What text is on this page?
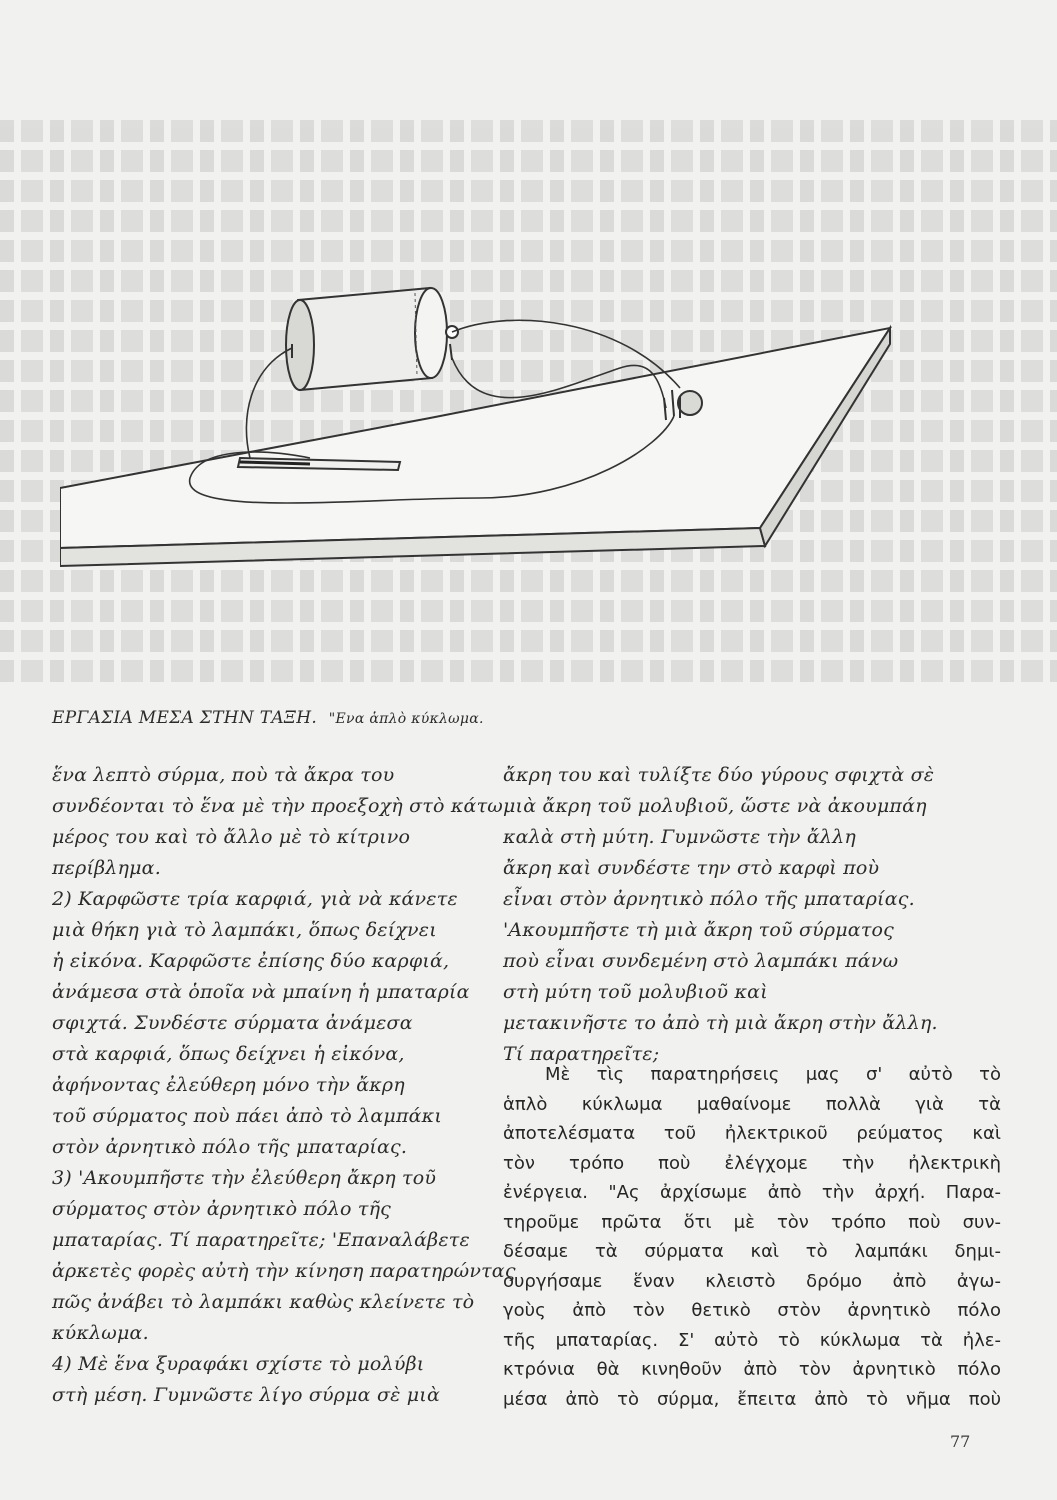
ΕΡΓΑΣΙΑ ΜΕΣΑ ΣΤΗΝ ΤΑΞΗ. "Ενα ἁπλὸ κύκλωμα.
ἕνα λεπτὸ σύρμα, ποὺ τὰ ἄκρα του
συνδέονται τὸ ἕνα μὲ τὴν προεξοχὴ στὸ κάτω
μέρος του καὶ τὸ ἄλλο μὲ τὸ κίτρινο
περίβλημα.
2) Καρφῶστε τρία καρφιά, γιὰ νὰ κάνετε
μιὰ θήκη γιὰ τὸ λαμπάκι, ὅπως δείχνει
ἡ εἰκόνα. Καρφῶστε ἐπίσης δύο καρφιά,
ἀνάμεσα στὰ ὁποῖα νὰ μπαίνη ἡ μπαταρία
σφιχτά. Συνδέστε σύρματα ἀνάμεσα
στὰ καρφιά, ὅπως δείχνει ἡ εἰκόνα,
ἀφήνοντας ἐλεύθερη μόνο τὴν ἄκρη
τοῦ σύρματος ποὺ πάει ἀπὸ τὸ λαμπάκι
στὸν ἀρνητικὸ πόλο τῆς μπαταρίας.
3) 'Ακουμπῆστε τὴν ἐλεύθερη ἄκρη τοῦ
σύρματος στὸν ἀρνητικὸ πόλο τῆς
μπαταρίας. Τί παρατηρεῖτε; 'Επαναλάβετε
ἀρκετὲς φορὲς αὐτὴ τὴν κίνηση παρατηρώντας
πῶς ἀνάβει τὸ λαμπάκι καθὼς κλείνετε τὸ
κύκλωμα.
4) Μὲ ἕνα ξυραφάκι σχίστε τὸ μολύβι
στὴ μέση. Γυμνῶστε λίγο σύρμα σὲ μιὰ
ἄκρη του καὶ τυλίξτε δύο γύρους σφιχτὰ σὲ
μιὰ ἄκρη τοῦ μολυβιοῦ, ὥστε νὰ ἀκουμπάη
καλὰ στὴ μύτη. Γυμνῶστε τὴν ἄλλη
ἄκρη καὶ συνδέστε την στὸ καρφὶ ποὺ
εἶναι στὸν ἀρνητικὸ πόλο τῆς μπαταρίας.
'Ακουμπῆστε τὴ μιὰ ἄκρη τοῦ σύρματος
ποὺ εἶναι συνδεμένη στὸ λαμπάκι πάνω
στὴ μύτη τοῦ μολυβιοῦ καὶ
μετακινῆστε το ἀπὸ τὴ μιὰ ἄκρη στὴν ἄλλη.
Τί παρατηρεῖτε;
Μὲ τὶς παρατηρήσεις μας σ' αὐτὸ τὸ
ἁπλὸ κύκλωμα μαθαίνομε πολλὰ γιὰ τὰ
ἀποτελέσματα τοῦ ἠλεκτρικοῦ ρεύματος καὶ
τὸν τρόπο ποὺ ἐλέγχομε τὴν ἠλεκτρικὴ
ἐνέργεια. "Ας ἀρχίσωμε ἀπὸ τὴν ἀρχή. Παρα-
τηροῦμε πρῶτα ὅτι μὲ τὸν τρόπο ποὺ συν-
δέσαμε τὰ σύρματα καὶ τὸ λαμπάκι δημι-
ουργήσαμε ἕναν κλειστὸ δρόμο ἀπὸ ἀγω-
γοὺς ἀπὸ τὸν θετικὸ στὸν ἀρνητικὸ πόλο
τῆς μπαταρίας. Σ' αὐτὸ τὸ κύκλωμα τὰ ἠλε-
κτρόνια θὰ κινηθοῦν ἀπὸ τὸν ἀρνητικὸ πόλο
μέσα ἀπὸ τὸ σύρμα, ἔπειτα ἀπὸ τὸ νῆμα ποὺ
77
